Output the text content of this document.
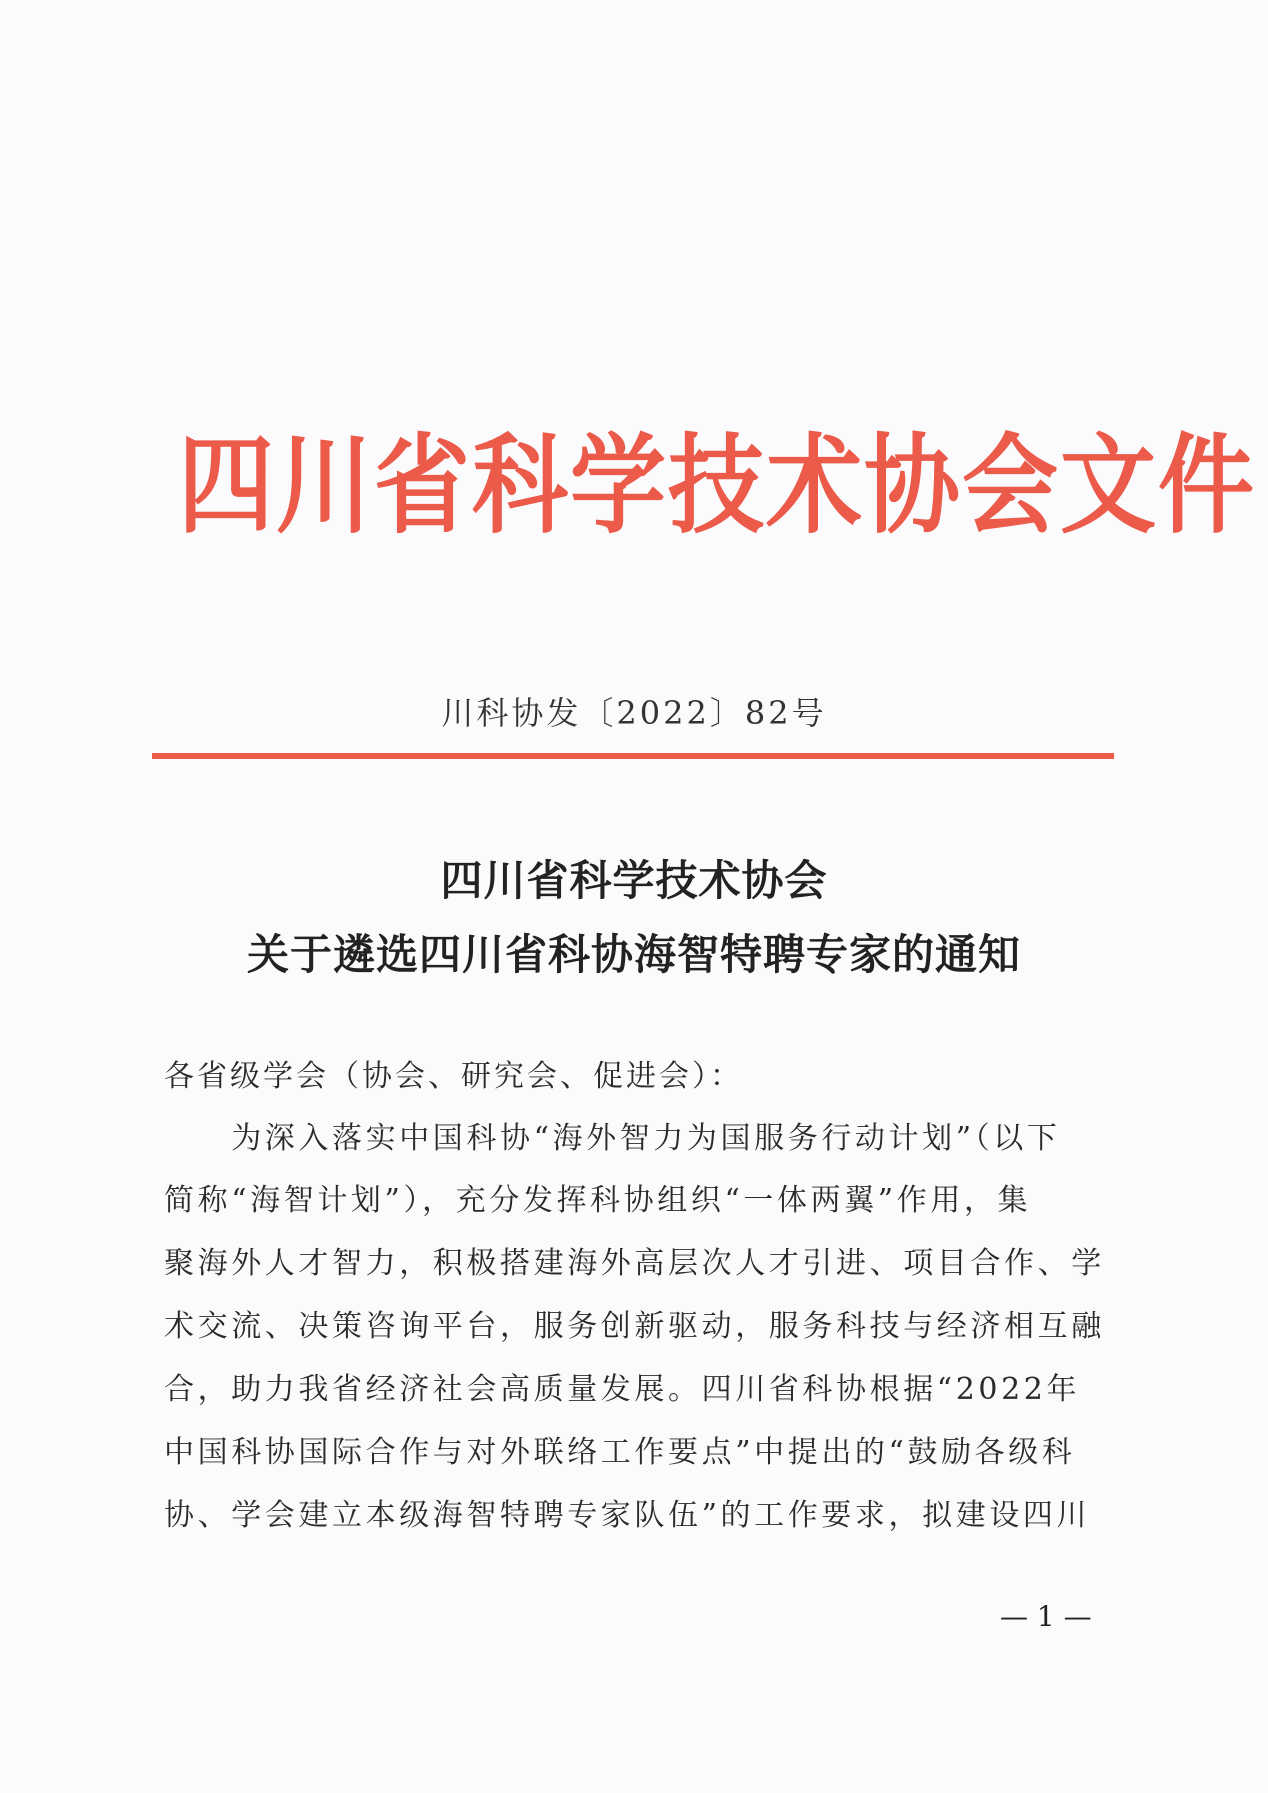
四川省科学技术协会文件
川科协发〔2022〕82号
四川省科学技术协会
关于遴选四川省科协海智特聘专家的通知
各省级学会（协会、研究会、促进会）：
　　为深入落实中国科协“海外智力为国服务行动计划”（以下
简称“海智计划”），充分发挥科协组织“一体两翼”作用，集
聚海外人才智力，积极搭建海外高层次人才引进、项目合作、学
术交流、决策咨询平台，服务创新驱动，服务科技与经济相互融
合，助力我省经济社会高质量发展。四川省科协根据“2022年
中国科协国际合作与对外联络工作要点”中提出的“鼓励各级科
协、学会建立本级海智特聘专家队伍”的工作要求，拟建设四川
— 1 —
